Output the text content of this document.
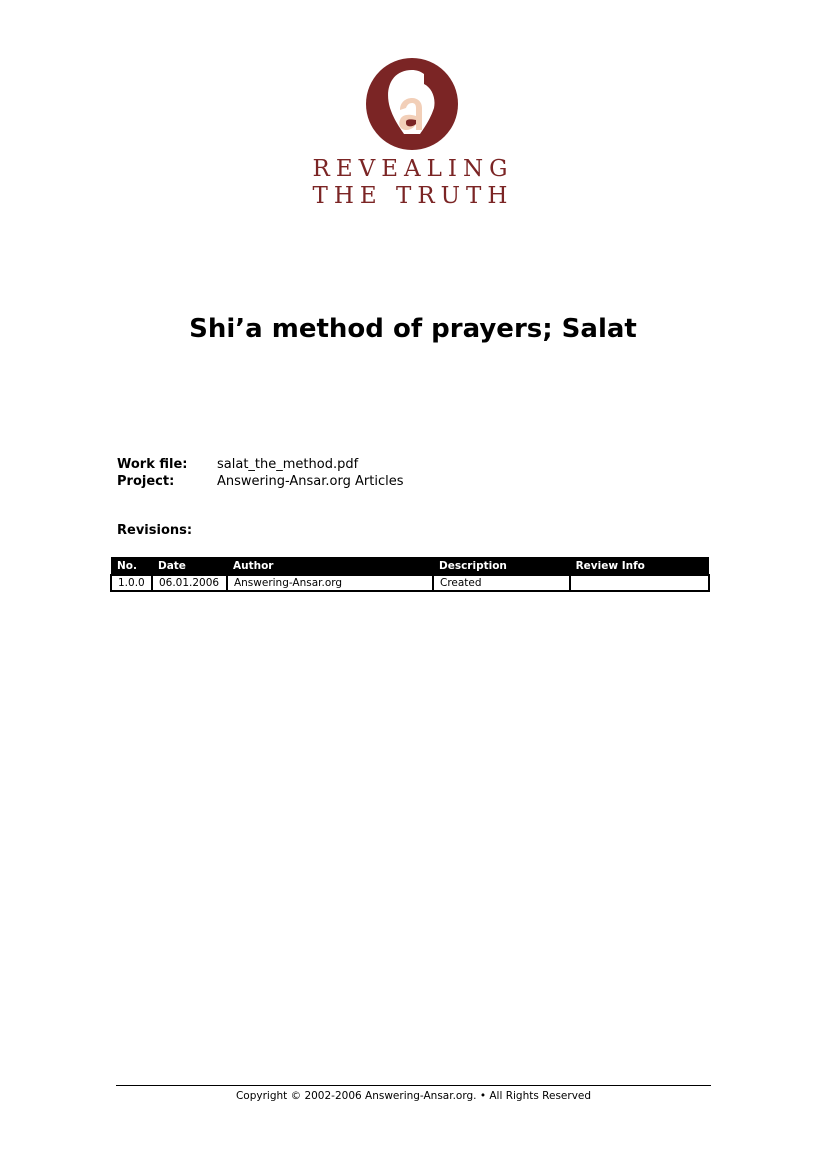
REVEALING
THE TRUTH
Shi’a method of prayers; Salat
Work file: salat_the_method.pdf
Project:	Answering-Ansar.org Articles
Revisions:
No.	Date	Author	Description	Review Info
1.0.0	06.01.2006	Answering-Ansar.org	Created	
Copyright © 2002-2006 Answering-Ansar.org. • All Rights Reserved
